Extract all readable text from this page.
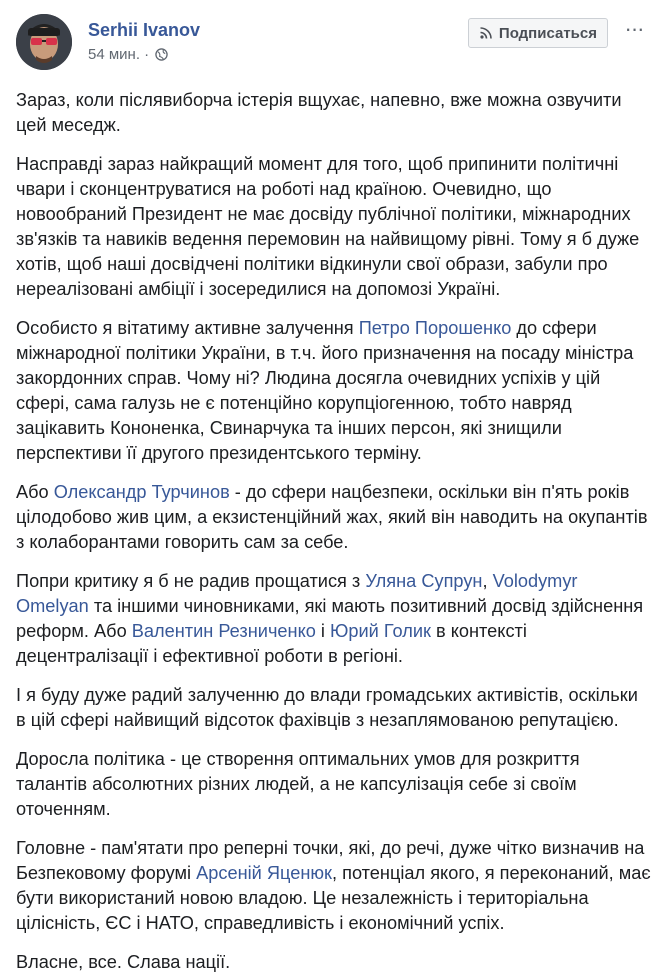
Serhii Ivanov
54 мин. ·
Подписаться ···

Зараз, коли післявиборча істерія вщухає, напевно, вже можна озвучити цей меседж.

Насправді зараз найкращий момент для того, щоб припинити політичні чвари і сконцентруватися на роботі над країною. Очевидно, що новообраний Президент не має досвіду публічної політики, міжнародних зв'язків та навиків ведення перемовин на найвищому рівні. Тому я б дуже хотів, щоб наші досвідчені політики відкинули свої образи, забули про нереалізовані амбіції і зосередилися на допомозі Україні.

Особисто я вітатиму активне залучення Петро Порошенко до сфери міжнародної політики України, в т.ч. його призначення на посаду міністра закордонних справ. Чому ні? Людина досягла очевидних успіхів у цій сфері, сама галузь не є потенційно корупціогенною, тобто навряд зацікавить Кононенка, Свинарчука та інших персон, які знищили перспективи її другого президентського терміну.

Або Олександр Турчинов - до сфери нацбезпеки, оскільки він п'ять років цілодобово жив цим, а екзистенційний жах, який він наводить на окупантів з колаборантами говорить сам за себе.

Попри критику я б не радив прощатися з Уляна Супрун, Volodymyr Omelyan та іншими чиновниками, які мають позитивний досвід здійснення реформ. Або Валентин Резниченко і Юрий Голик в контексті децентралізації і ефективної роботи в регіоні.

І я буду дуже радий залученню до влади громадських активістів, оскільки в цій сфері найвищий відсоток фахівців з незаплямованою репутацією.

Доросла політика - це створення оптимальних умов для розкриття талантів абсолютних різних людей, а не капсулізація себе зі своїм оточенням.

Головне - пам'ятати про реперні точки, які, до речі, дуже чітко визначив на Безпековому форумі Арсеній Яценюк, потенціал якого, я переконаний, має бути використаний новою владою. Це незалежність і територіальна цілісність, ЄС і НАТО, справедливість і економічний успіх.

Власне, все. Слава нації.
